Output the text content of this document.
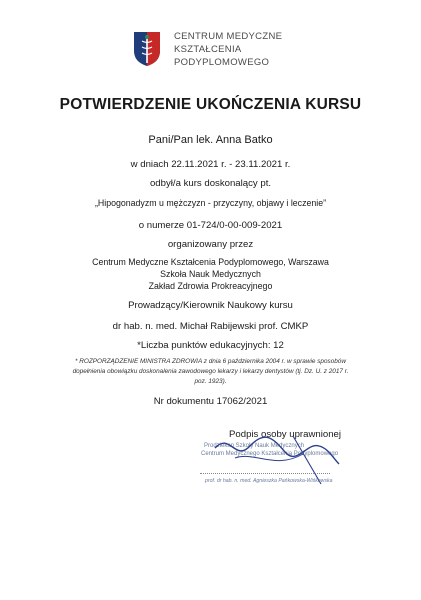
CENTRUM MEDYCZNE
KSZTAŁCENIA
PODYPLOMOWEGO
POTWIERDZENIE UKOŃCZENIA KURSU
Pani/Pan lek. Anna Batko
w dniach 22.11.2021 r. - 23.11.2021 r.
odbył/a kurs doskonalący pt.
„Hipogonadyzm u mężczyzn - przyczyny, objawy i leczenie”
o numerze 01-724/0-00-009-2021
organizowany przez
Centrum Medyczne Kształcenia Podyplomowego, Warszawa
Szkoła Nauk Medycznych
Zakład Zdrowia Prokreacyjnego
Prowadzący/Kierownik Naukowy kursu
dr hab. n. med. Michał Rabijewski prof. CMKP
*Liczba punktów edukacyjnych: 12
* ROZPORZĄDZENIE MINISTRA ZDROWIA z dnia 6 października 2004 r. w sprawie sposobów
dopełnienia obowiązku doskonalenia zawodowego lekarzy i lekarzy dentystów (tj. Dz. U. z 2017 r.
poz. 1923).
Nr dokumentu 17062/2021
Podpis osoby uprawnionej
Prodziekan Szkoły Nauk Medycznych
Centrum Medycznego Kształcenia Podyplomowego
prof. dr hab. n. med. Agnieszka Pańkowska-Wiśkowska
